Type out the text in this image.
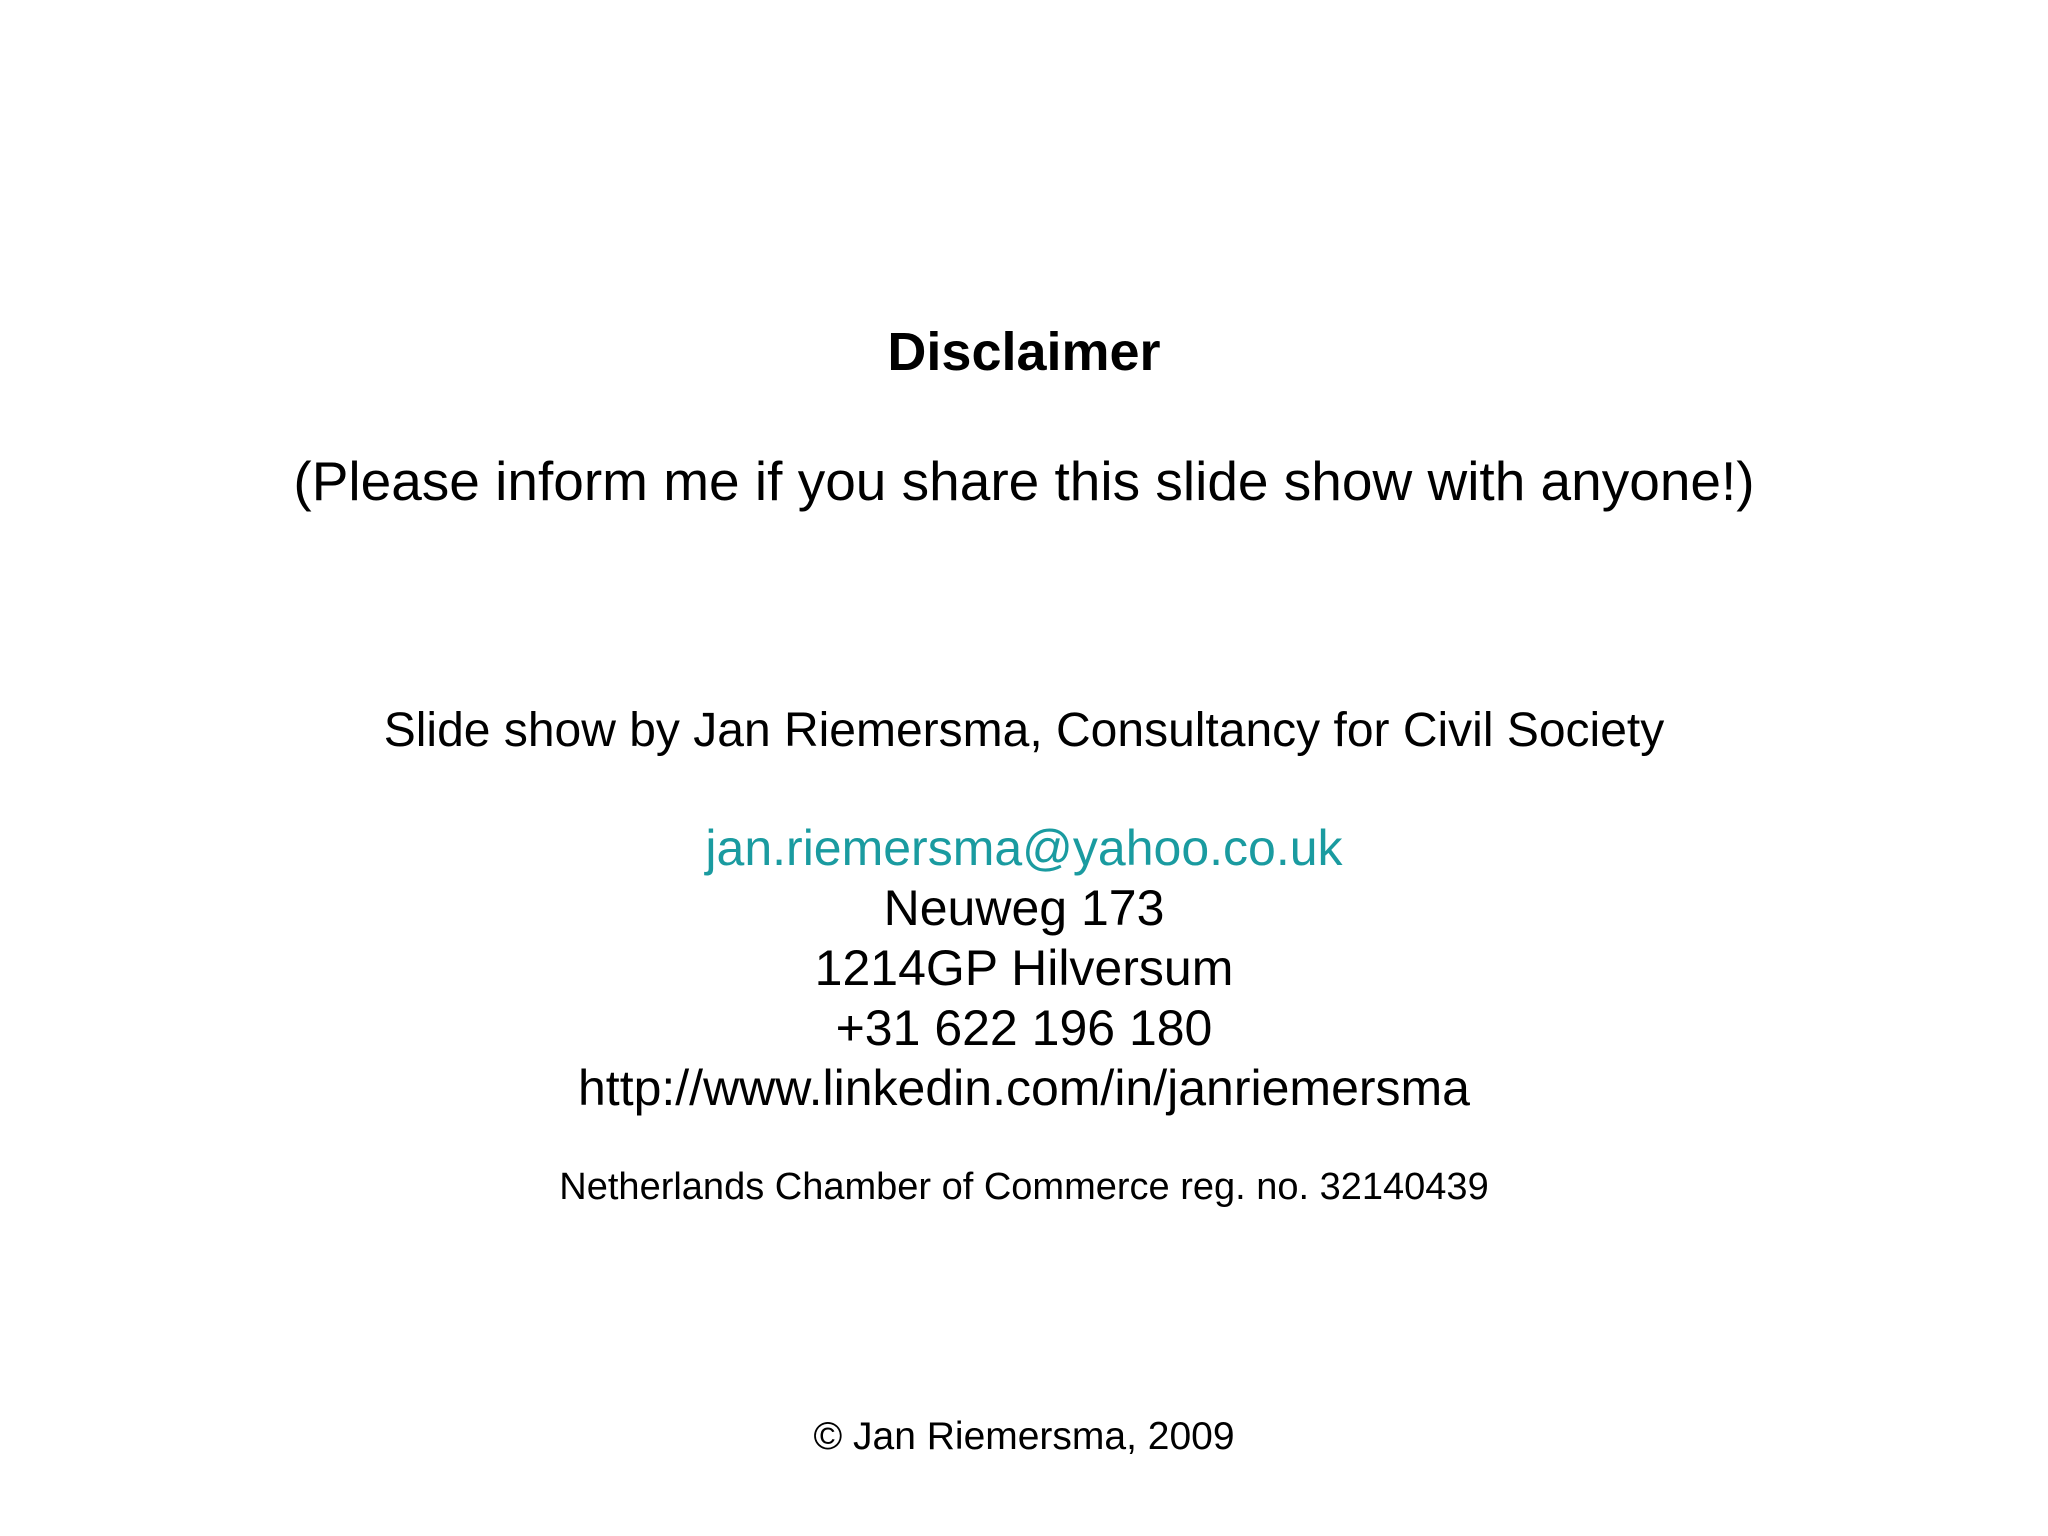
Disclaimer
(Please inform me if you share this slide show with anyone!)
Slide show by Jan Riemersma, Consultancy for Civil Society
jan.riemersma@yahoo.co.uk
Neuweg 173
1214GP Hilversum
+31 622 196 180
http://www.linkedin.com/in/janriemersma
Netherlands Chamber of Commerce reg. no. 32140439
© Jan Riemersma, 2009
